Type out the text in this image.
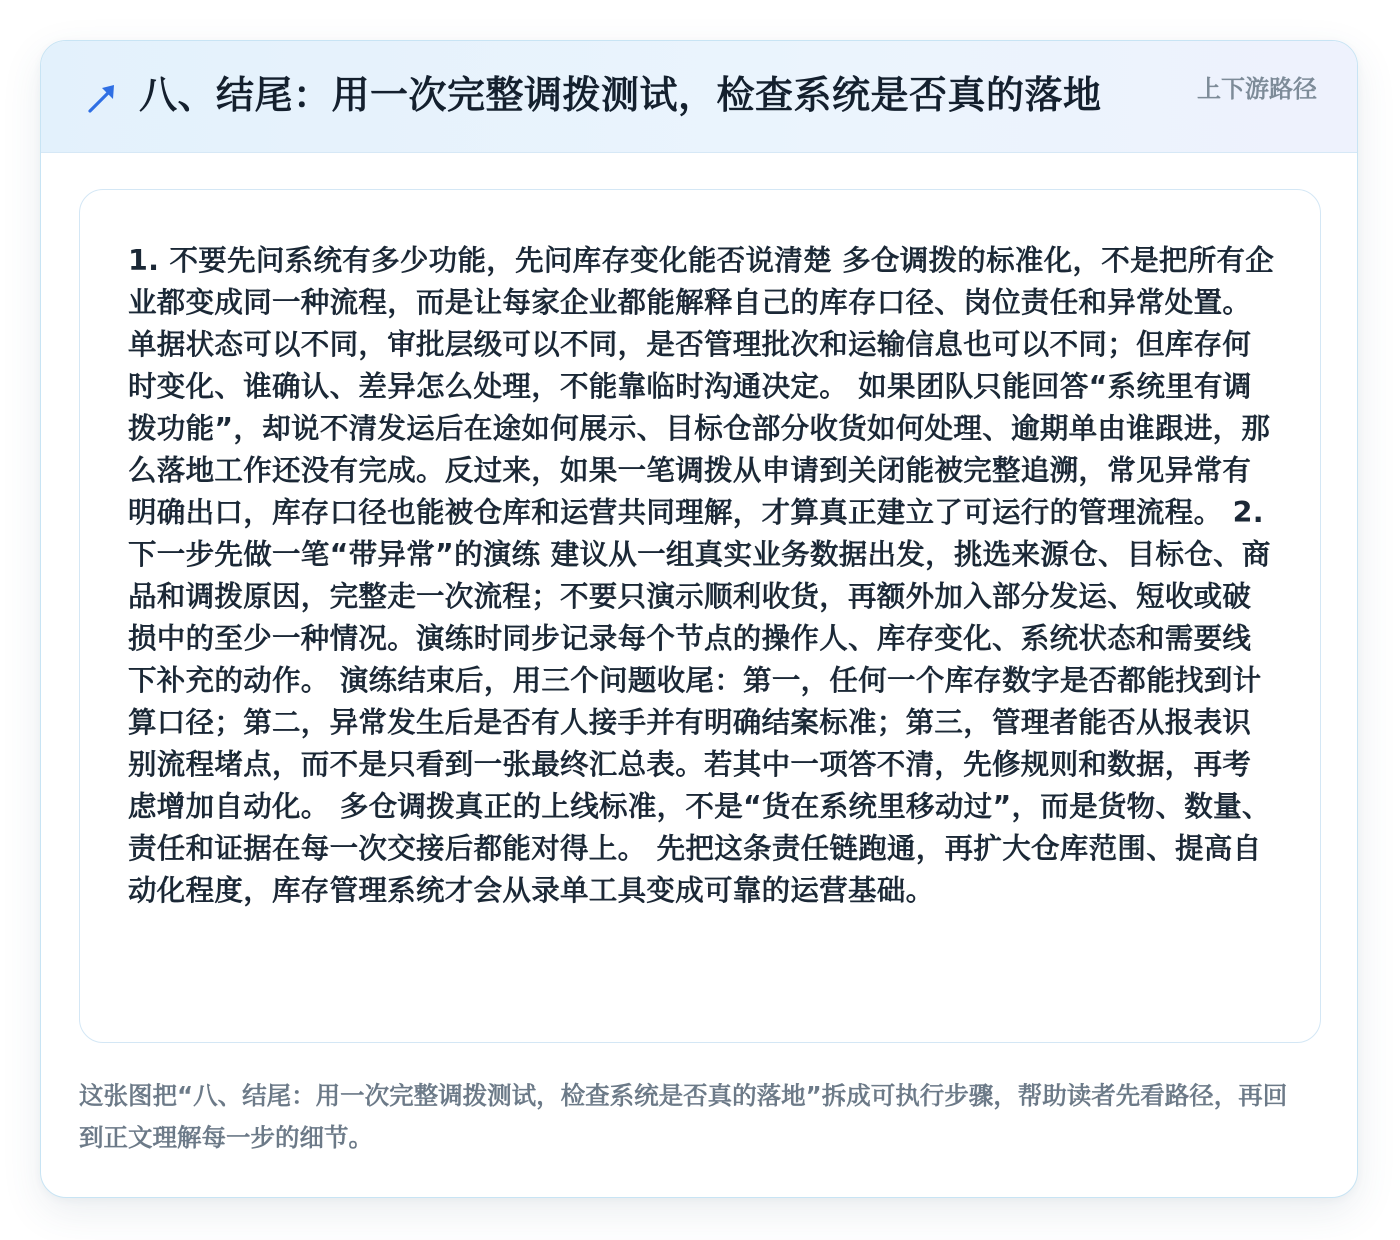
八、结尾：用一次完整调拨测试，检查系统是否真的落地	上下游路径

1. 不要先问系统有多少功能，先问库存变化能否说清楚 多仓调拨的标准化，不是把所有企业都变成同一种流程，而是让每家企业都能解释自己的库存口径、岗位责任和异常处置。单据状态可以不同，审批层级可以不同，是否管理批次和运输信息也可以不同；但库存何时变化、谁确认、差异怎么处理，不能靠临时沟通决定。 如果团队只能回答“系统里有调拨功能”，却说不清发运后在途如何展示、目标仓部分收货如何处理、逾期单由谁跟进，那么落地工作还没有完成。反过来，如果一笔调拨从申请到关闭能被完整追溯，常见异常有明确出口，库存口径也能被仓库和运营共同理解，才算真正建立了可运行的管理流程。 2. 下一步先做一笔“带异常”的演练 建议从一组真实业务数据出发，挑选来源仓、目标仓、商品和调拨原因，完整走一次流程；不要只演示顺利收货，再额外加入部分发运、短收或破损中的至少一种情况。演练时同步记录每个节点的操作人、库存变化、系统状态和需要线下补充的动作。 演练结束后，用三个问题收尾：第一，任何一个库存数字是否都能找到计算口径；第二，异常发生后是否有人接手并有明确结案标准；第三，管理者能否从报表识别流程堵点，而不是只看到一张最终汇总表。若其中一项答不清，先修规则和数据，再考虑增加自动化。 多仓调拨真正的上线标准，不是“货在系统里移动过”，而是货物、数量、责任和证据在每一次交接后都能对得上。 先把这条责任链跑通，再扩大仓库范围、提高自动化程度，库存管理系统才会从录单工具变成可靠的运营基础。

这张图把“八、结尾：用一次完整调拨测试，检查系统是否真的落地”拆成可执行步骤，帮助读者先看路径，再回到正文理解每一步的细节。
